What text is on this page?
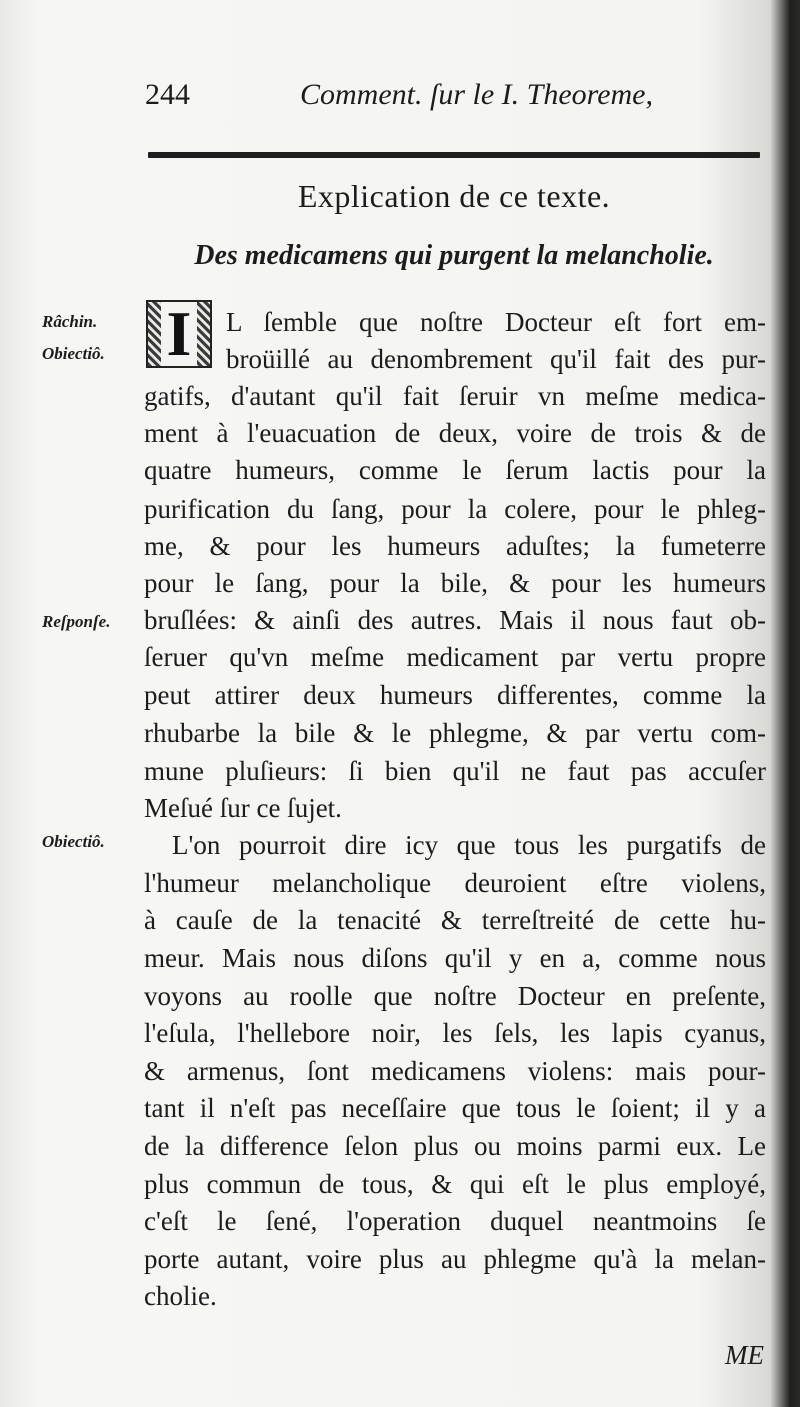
244	Comment. ſur le I. Theoreme,
Explication de ce texte.
Des medicamens qui purgent la melancholie.
Râchin.
Obiectiô.
Reſponſe.
Obiectiô.
I L ſemble que noſtre Docteur eſt fort em-
broüillé au denombrement qu'il fait des pur-
gatifs, d'autant qu'il fait ſeruir vn meſme medica-
ment à l'euacuation de deux, voire de trois & de
quatre humeurs, comme le ſerum lactis pour la
purification du ſang, pour la colere, pour le phleg-
me, & pour les humeurs aduſtes; la fumeterre
pour le ſang, pour la bile, & pour les humeurs
bruſlées: & ainſi des autres. Mais il nous faut ob-
ſeruer qu'vn meſme medicament par vertu propre
peut attirer deux humeurs differentes, comme la
rhubarbe la bile & le phlegme, & par vertu com-
mune pluſieurs: ſi bien qu'il ne faut pas accuſer
Meſué ſur ce ſujet.
L'on pourroit dire icy que tous les purgatifs de
l'humeur melancholique deuroient eſtre violens,
à cauſe de la tenacité & terreſtreité de cette hu-
meur. Mais nous diſons qu'il y en a, comme nous
voyons au roolle que noſtre Docteur en preſente,
l'eſula, l'hellebore noir, les ſels, les lapis cyanus,
& armenus, ſont medicamens violens: mais pour-
tant il n'eſt pas neceſſaire que tous le ſoient; il y a
de la difference ſelon plus ou moins parmi eux. Le
plus commun de tous, & qui eſt le plus employé,
c'eſt le ſené, l'operation duquel neantmoins ſe
porte autant, voire plus au phlegme qu'à la melan-
cholie.
ME
